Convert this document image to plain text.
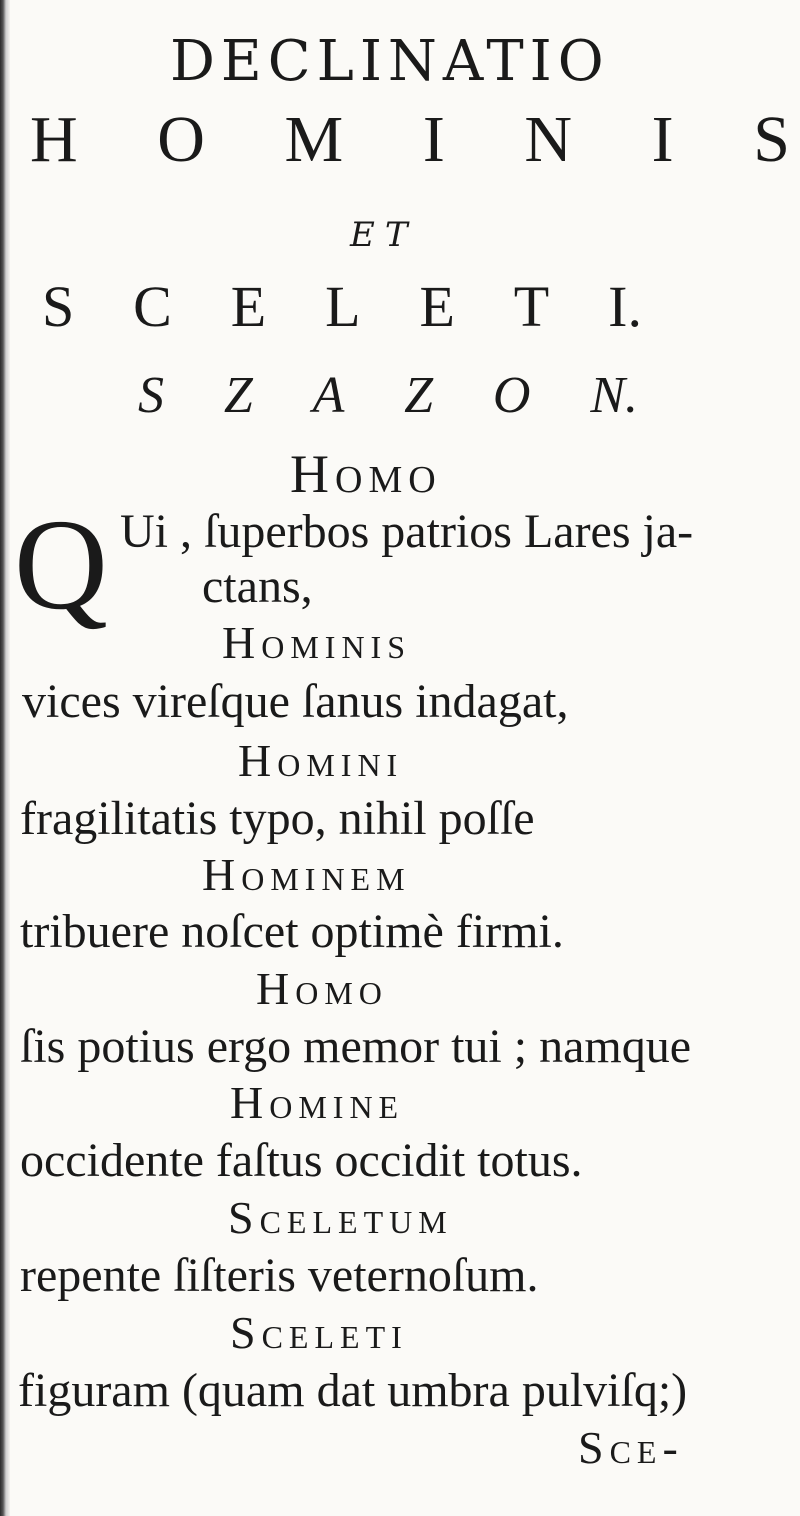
DECLINATIO
H O M I N I S
ET
S C E L E T I.
S Z A Z O N.
Homo
Q Ui , ſuperbos patrios Lares ja-
ctans,
Hominis
vices vireſque ſanus indagat,
Homini
fragilitatis typo, nihil poſſe
Hominem
tribuere noſcet optimè firmi.
Homo
ſis potius ergo memor tui ; namque
Homine
occidente faſtus occidit totus.
Sceletum
repente ſiſteris veternoſum.
Sceleti
figuram (quam dat umbra pulviſq;)
Sce-
